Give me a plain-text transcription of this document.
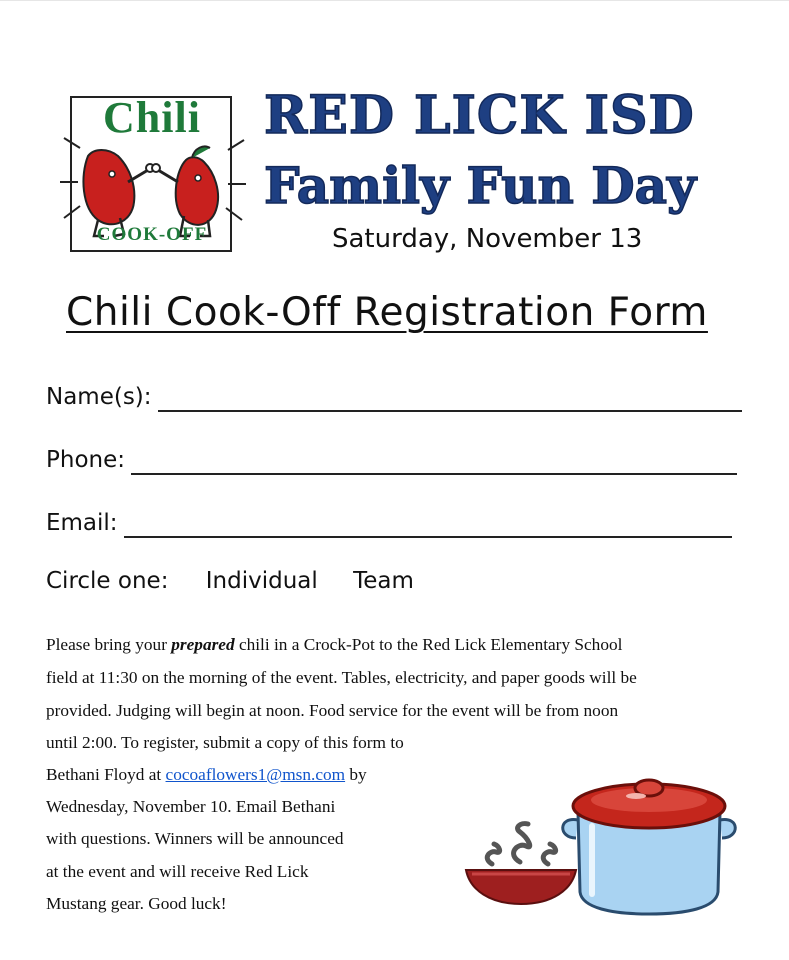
Chili
COOK-OFF
RED LICK ISD
Family Fun Day
Saturday, November 13
Chili Cook-Off Registration Form
Name(s):
Phone:
Email:
Circle one: Individual Team
Please bring your prepared chili in a Crock-Pot to the Red Lick Elementary School
field at 11:30 on the morning of the event. Tables, electricity, and paper goods will be
provided. Judging will begin at noon. Food service for the event will be from noon
until 2:00. To register, submit a copy of this form to
Bethani Floyd at cocoaflowers1@msn.com by
Wednesday, November 10. Email Bethani
with questions. Winners will be announced
at the event and will receive Red Lick
Mustang gear. Good luck!
